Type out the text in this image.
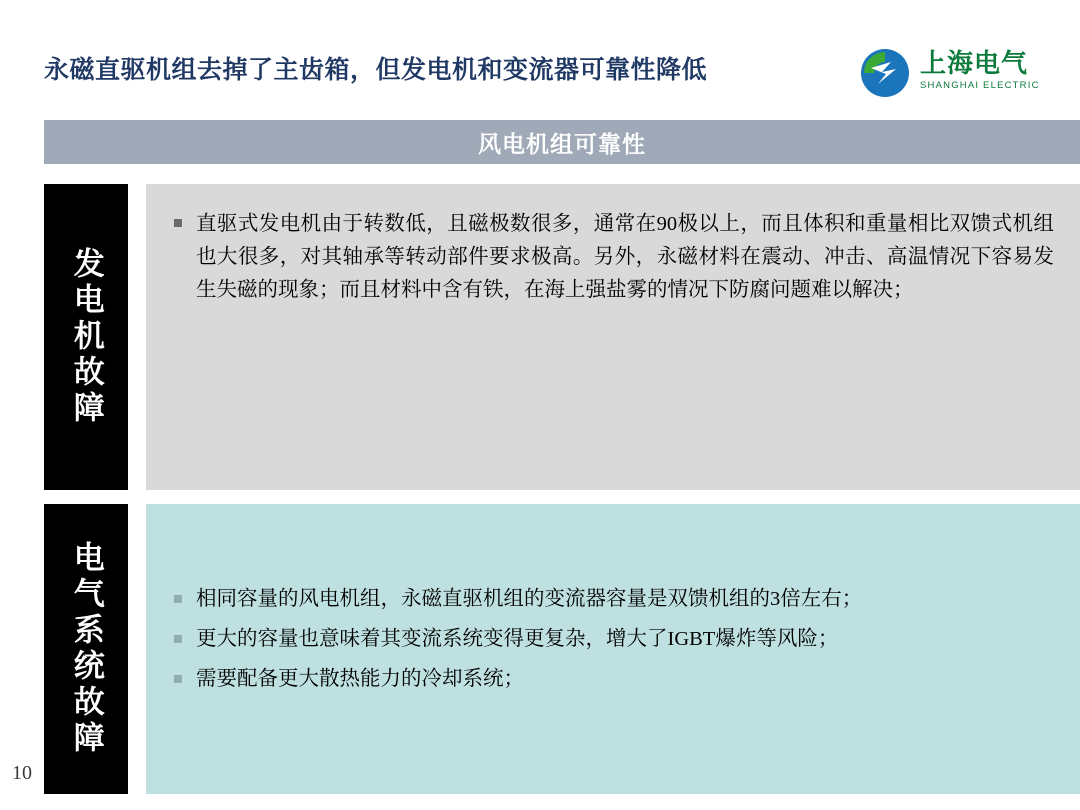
永磁直驱机组去掉了主齿箱，但发电机和变流器可靠性降低	上海电气
SHANGHAI ELECTRIC
风电机组可靠性
发电机故障
直驱式发电机由于转数低，且磁极数很多，通常在90极以上，而且体积和重量相比双馈式机组也大很多，对其轴承等转动部件要求极高。另外，永磁材料在震动、冲击、高温情况下容易发生失磁的现象；而且材料中含有铁，在海上强盐雾的情况下防腐问题难以解决；
电气系统故障	相同容量的风电机组，永磁直驱机组的变流器容量是双馈机组的3倍左右；
更大的容量也意味着其变流系统变得更复杂，增大了IGBT爆炸等风险；
需要配备更大散热能力的冷却系统；
10
